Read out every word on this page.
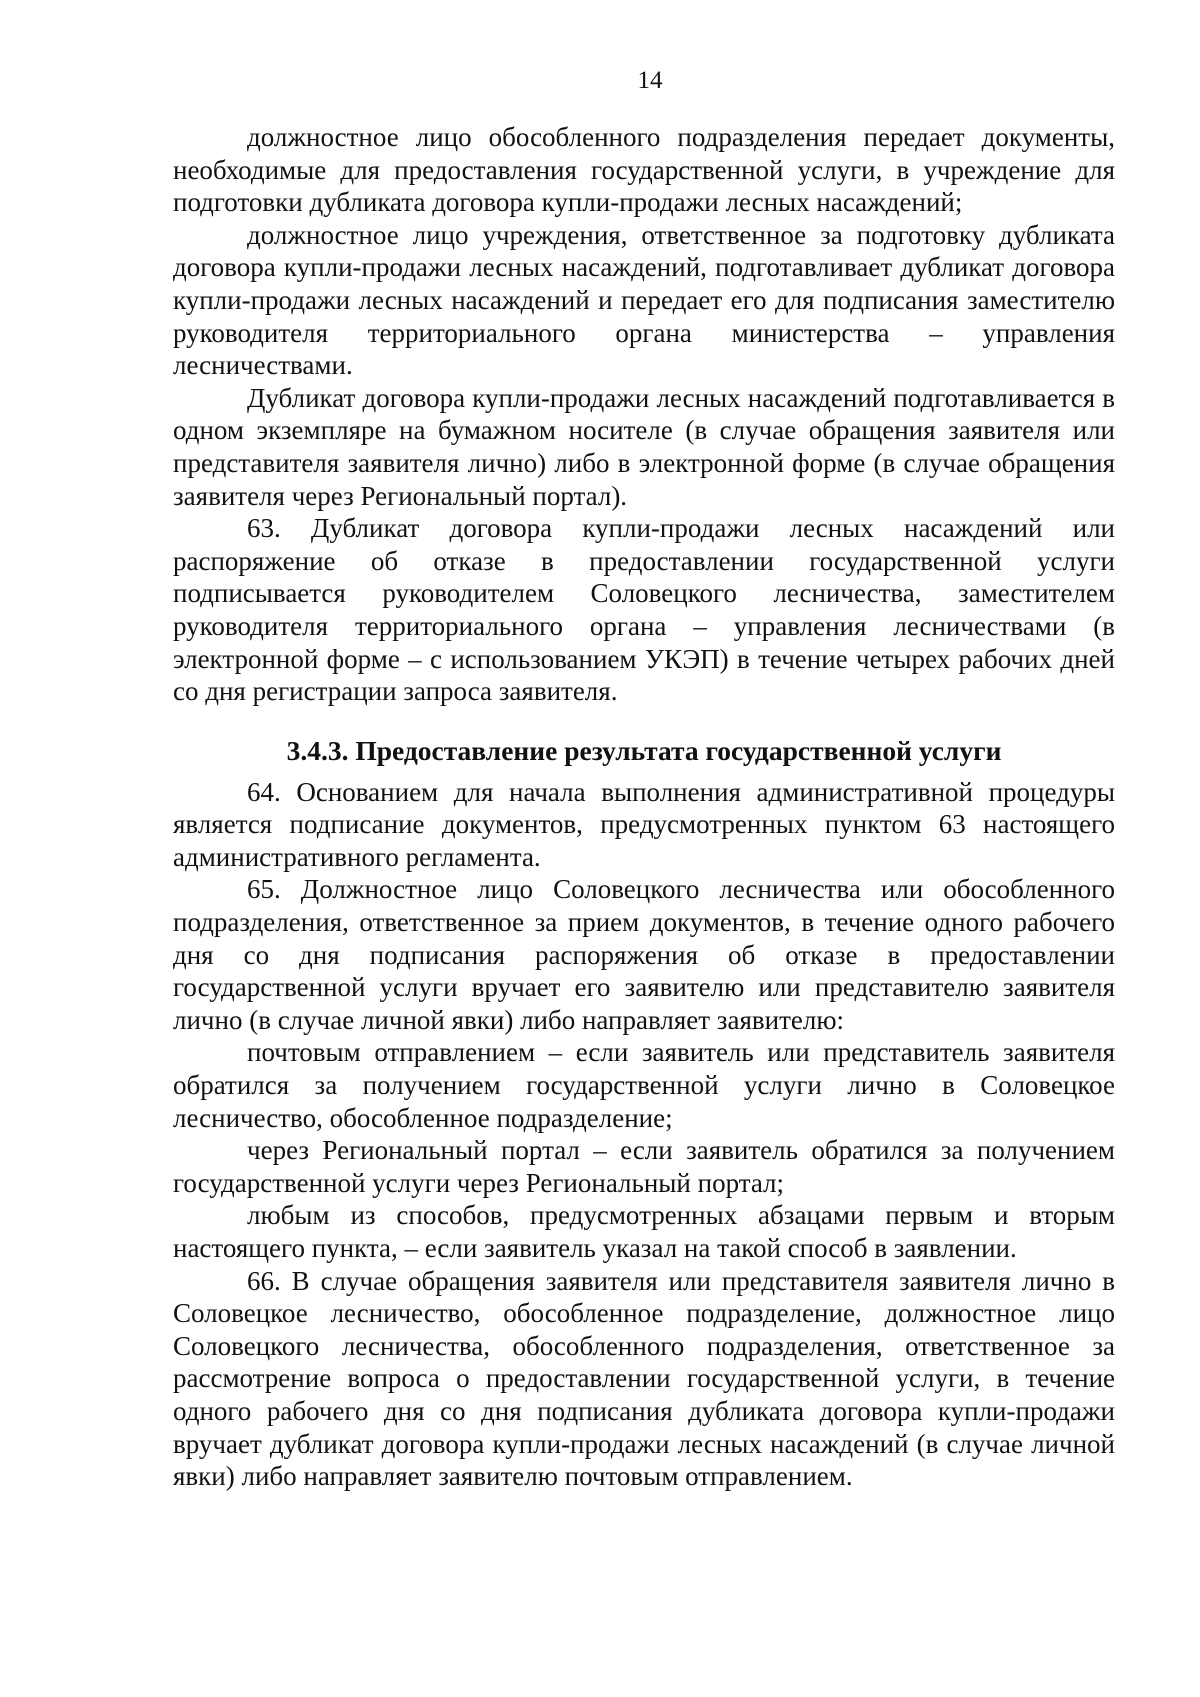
14

должностное лицо обособленного подразделения передает документы, необходимые для предоставления государственной услуги, в учреждение для подготовки дубликата договора купли-продажи лесных насаждений;

должностное лицо учреждения, ответственное за подготовку дубликата договора купли-продажи лесных насаждений, подготавливает дубликат договора купли-продажи лесных насаждений и передает его для подписания заместителю руководителя территориального органа министерства – управления лесничествами.

Дубликат договора купли-продажи лесных насаждений подготавливается в одном экземпляре на бумажном носителе (в случае обращения заявителя или представителя заявителя лично) либо в электронной форме (в случае обращения заявителя через Региональный портал).

63. Дубликат договора купли-продажи лесных насаждений или распоряжение об отказе в предоставлении государственной услуги подписывается руководителем Соловецкого лесничества, заместителем руководителя территориального органа – управления лесничествами (в электронной форме – с использованием УКЭП) в течение четырех рабочих дней со дня регистрации запроса заявителя.

3.4.3. Предоставление результата государственной услуги

64. Основанием для начала выполнения административной процедуры является подписание документов, предусмотренных пунктом 63 настоящего административного регламента.

65. Должностное лицо Соловецкого лесничества или обособленного подразделения, ответственное за прием документов, в течение одного рабочего дня со дня подписания распоряжения об отказе в предоставлении государственной услуги вручает его заявителю или представителю заявителя лично (в случае личной явки) либо направляет заявителю:

почтовым отправлением – если заявитель или представитель заявителя обратился за получением государственной услуги лично в Соловецкое лесничество, обособленное подразделение;

через Региональный портал – если заявитель обратился за получением государственной услуги через Региональный портал;

любым из способов, предусмотренных абзацами первым и вторым настоящего пункта, – если заявитель указал на такой способ в заявлении.

66. В случае обращения заявителя или представителя заявителя лично в Соловецкое лесничество, обособленное подразделение, должностное лицо Соловецкого лесничества, обособленного подразделения, ответственное за рассмотрение вопроса о предоставлении государственной услуги, в течение одного рабочего дня со дня подписания дубликата договора купли-продажи вручает дубликат договора купли-продажи лесных насаждений (в случае личной явки) либо направляет заявителю почтовым отправлением.
